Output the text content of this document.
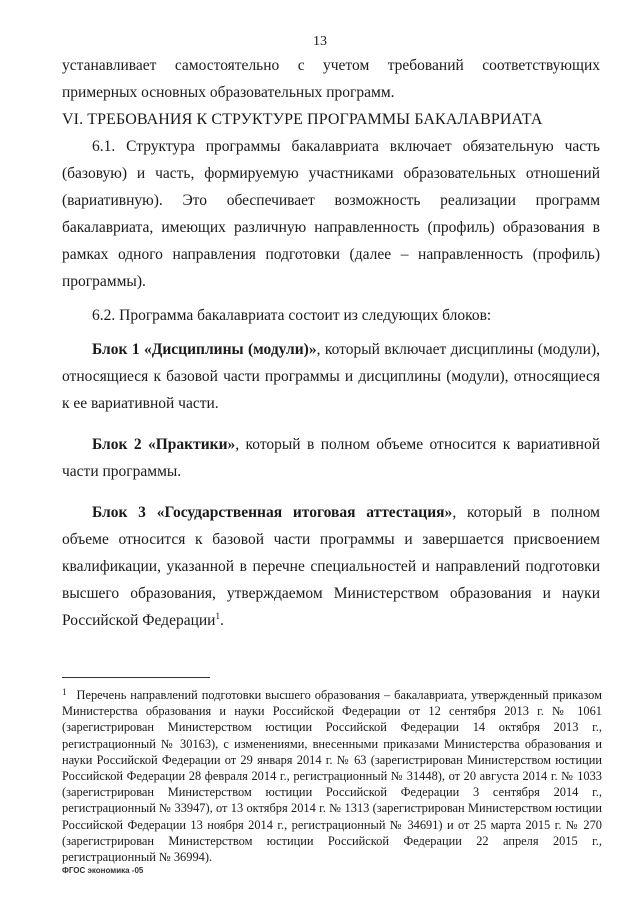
13

устанавливает самостоятельно с учетом требований соответствующих примерных основных образовательных программ.

VI. ТРЕБОВАНИЯ К СТРУКТУРЕ ПРОГРАММЫ БАКАЛАВРИАТА

6.1. Структура программы бакалавриата включает обязательную часть (базовую) и часть, формируемую участниками образовательных отношений (вариативную). Это обеспечивает возможность реализации программ бакалавриата, имеющих различную направленность (профиль) образования в рамках одного направления подготовки (далее – направленность (профиль) программы).

6.2. Программа бакалавриата состоит из следующих блоков:

Блок 1 «Дисциплины (модули)», который включает дисциплины (модули), относящиеся к базовой части программы и дисциплины (модули), относящиеся к ее вариативной части.

Блок 2 «Практики», который в полном объеме относится к вариативной части программы.

Блок 3 «Государственная итоговая аттестация», который в полном объеме относится к базовой части программы и завершается присвоением квалификации, указанной в перечне специальностей и направлений подготовки высшего образования, утверждаемом Министерством образования и науки Российской Федерации$^1$.

$^1$ Перечень направлений подготовки высшего образования – бакалавриата, утвержденный приказом Министерства образования и науки Российской Федерации от 12 сентября 2013 г. № 1061 (зарегистрирован Министерством юстиции Российской Федерации 14 октября 2013 г., регистрационный № 30163), с изменениями, внесенными приказами Министерства образования и науки Российской Федерации от 29 января 2014 г. № 63 (зарегистрирован Министерством юстиции Российской Федерации 28 февраля 2014 г., регистрационный № 31448), от 20 августа 2014 г. № 1033 (зарегистрирован Министерством юстиции Российской Федерации 3 сентября 2014 г., регистрационный № 33947), от 13 октября 2014 г. № 1313 (зарегистрирован Министерством юстиции Российской Федерации 13 ноября 2014 г., регистрационный № 34691) и от 25 марта 2015 г. № 270 (зарегистрирован Министерством юстиции Российской Федерации 22 апреля 2015 г., регистрационный № 36994).
ФГОС экономика -05
